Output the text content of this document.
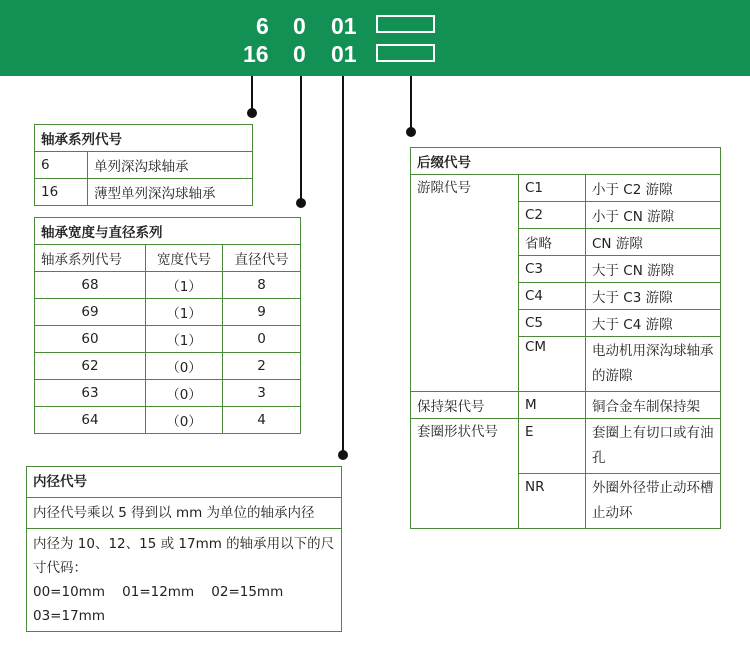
6 0 01
16 0 01
轴承系列代号	
6	单列深沟球轴承
16	薄型单列深沟球轴承
轴承宽度与直径系列		
轴承系列代号	宽度代号	直径代号
68	（1）	8
69	（1）	9
60	（1）	0
62	（0）	2
63	（0）	3
64	（0）	4
内径代号
内径代号乘以 5 得到以 mm 为单位的轴承内径
内径为 10、12、15 或 17mm 的轴承用以下的尺寸代码：
00=10mm    01=12mm    02=15mm
03=17mm
后缀代号		
游隙代号	C1	小于 C2 游隙
	C2	小于 CN 游隙
	省略	CN 游隙
	C3	大于 CN 游隙
	C4	大于 C3 游隙
	C5	大于 C4 游隙
	CM	电动机用深沟球轴承的游隙
保持架代号	M	铜合金车制保持架
套圈形状代号	E	套圈上有切口或有油孔
	NR	外圈外径带止动环槽止动环
